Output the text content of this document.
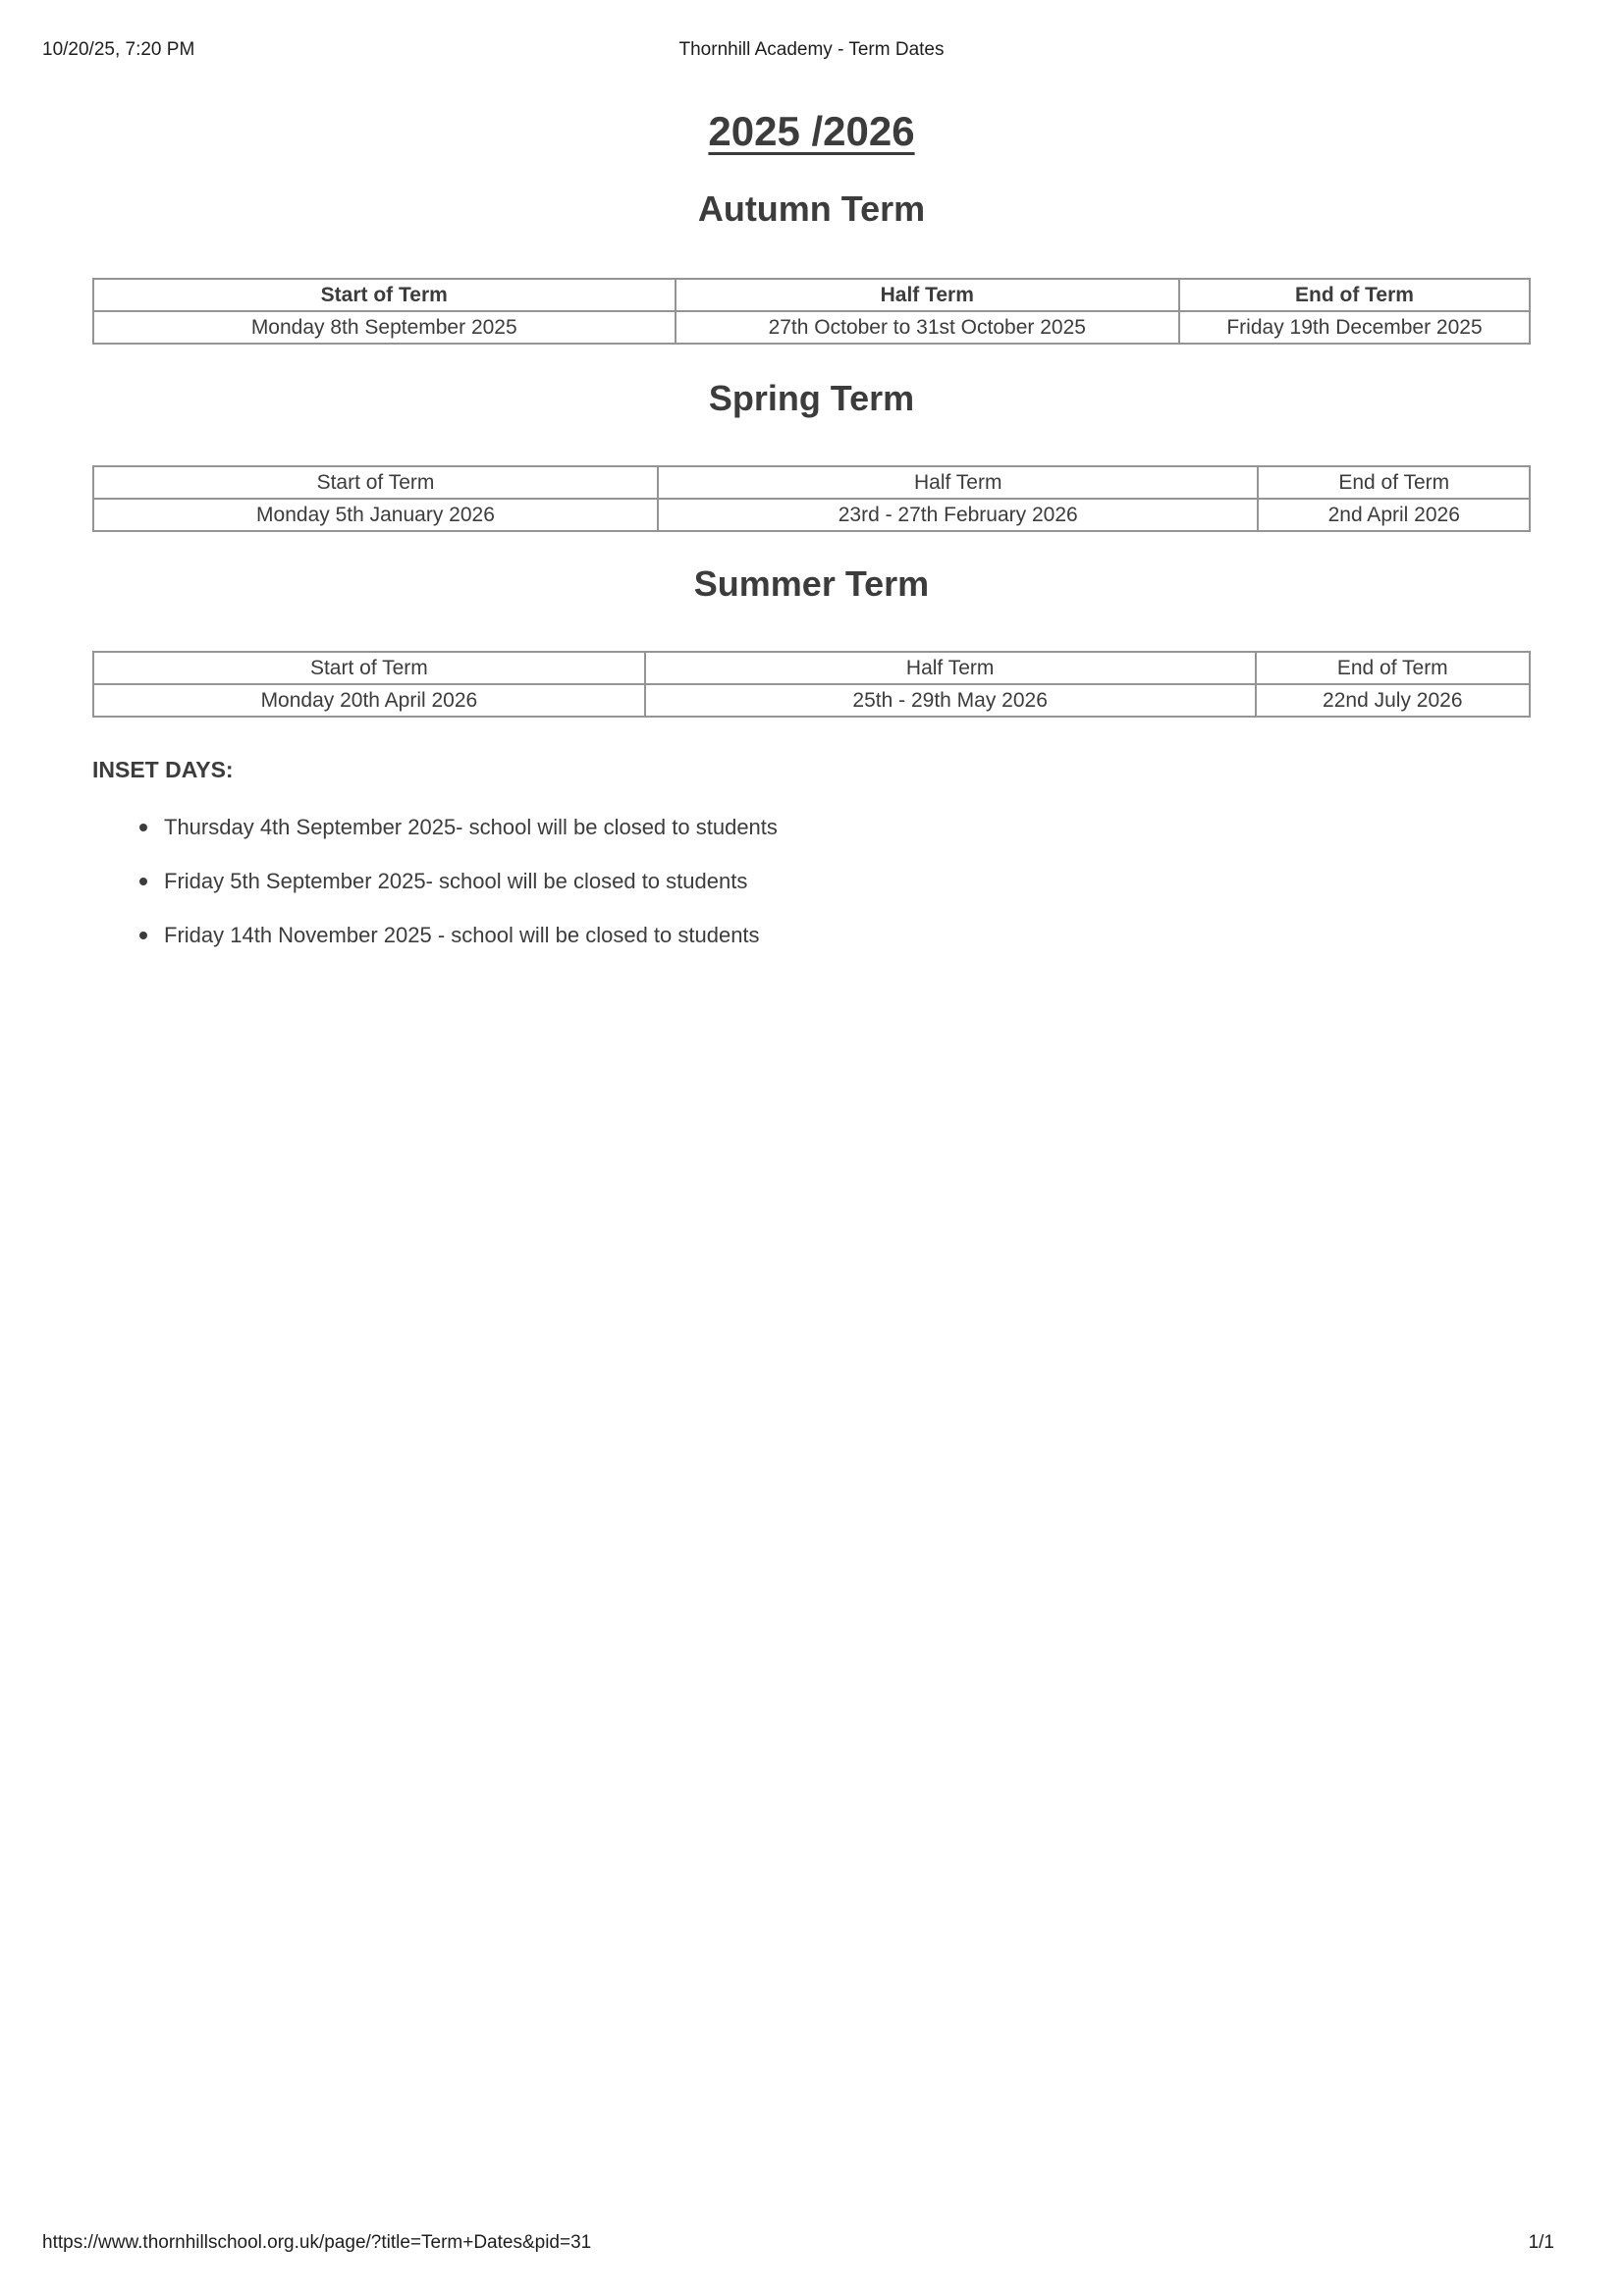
10/20/25, 7:20 PM	Thornhill Academy - Term Dates
2025 /2026
Autumn Term
Start of Term	Half Term	End of Term
Monday 8th September 2025	27th October to 31st October 2025	Friday 19th December 2025
Spring Term
Start of Term	Half Term	End of Term
Monday 5th January 2026	23rd - 27th February 2026	2nd April 2026
Summer Term
Start of Term	Half Term	End of Term
Monday 20th April 2026	25th - 29th May 2026	22nd July 2026

INSET DAYS:

Thursday 4th September 2025- school will be closed to students
Friday 5th September 2025- school will be closed to students
Friday 14th November 2025 - school will be closed to students
https://www.thornhillschool.org.uk/page/?title=Term+Dates&pid=31	1/1
